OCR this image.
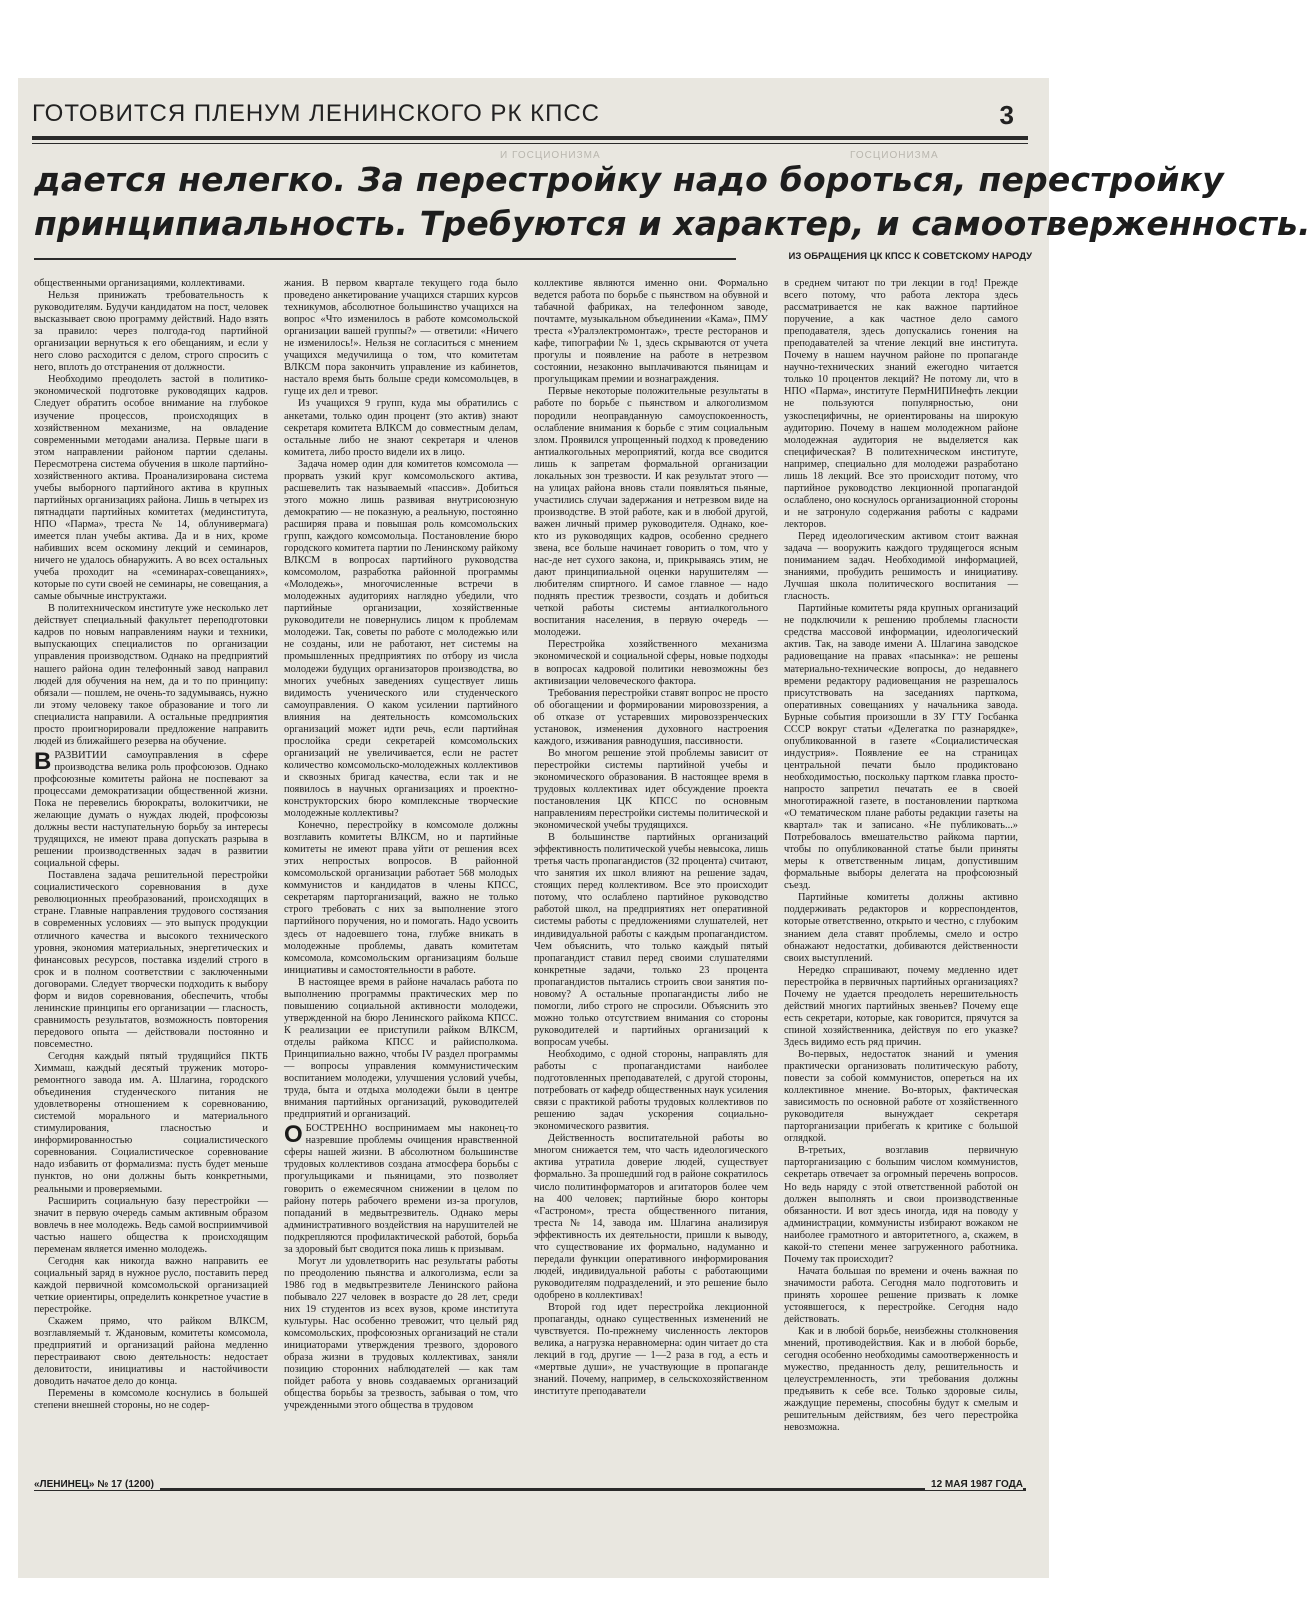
ГОТОВИТСЯ ПЛЕНУМ ЛЕНИНСКОГО РК КПСС	3
И ГОСЦИОНИЗМА	ГОСЦИОНИЗМА
дается нелегко. За перестройку надо бороться, перестройку
принципиальность. Требуются и характер, и самоотверженность.
ИЗ ОБРАЩЕНИЯ ЦК КПСС К СОВЕТСКОМУ НАРОДУ

общественными организациями, коллективами.

Нельзя принижать требовательность к руководителям. Будучи кандидатом на пост, человек высказывает свою программу действий. Надо взять за правило: через полгода-год партийной организации вернуться к его обещаниям, и если у него слово расходится с делом, строго спросить с него, вплоть до отстранения от должности.

Необходимо преодолеть застой в политико-экономической подготовке руководящих кадров. Следует обратить особое внимание на глубокое изучение процессов, происходящих в хозяйственном механизме, на овладение современными методами анализа. Первые шаги в этом направлении районом партии сделаны. Пересмотрена система обучения в школе партийно-хозяйственного актива. Проанализирована система учебы выборного партийного актива в крупных партийных организациях района. Лишь в четырех из пятнадцати партийных комитетах (мединститута, НПО «Парма», треста № 14, облунивермага) имеется план учебы актива. Да и в них, кроме набивших всем оскомину лекций и семинаров, ничего не удалось обнаружить. А во всех остальных учеба проходит на «семинарах-совещаниях», которые по сути своей не семинары, не совещания, а самые обычные инструктажи.

В политехническом институте уже несколько лет действует специальный факультет переподготовки кадров по новым направлениям науки и техники, выпускающих специалистов по организации управления производством. Однако на предприятий нашего района один телефонный завод направил людей для обучения на нем, да и то по принципу: обязали — пошлем, не очень-то задумываясь, нужно ли этому человеку такое образование и того ли специалиста направили. А остальные предприятия просто проигнорировали предложение направить людей из ближайшего резерва на обучение.

ВРАЗВИТИИ самоуправления в сфере производства велика роль профсоюзов. Однако профсоюзные комитеты района не поспевают за процессами демократизации общественной жизни. Пока не перевелись бюрократы, волокитчики, не желающие думать о нуждах людей, профсоюзы должны вести наступательную борьбу за интересы трудящихся, не имеют права допускать разрыва в решении производственных задач в развитии социальной сферы.

Поставлена задача решительной перестройки социалистического соревнования в духе революционных преобразований, происходящих в стране. Главные направления трудового состязания в современных условиях — это выпуск продукции отличного качества и высокого технического уровня, экономия материальных, энергетических и финансовых ресурсов, поставка изделий строго в срок и в полном соответствии с заключенными договорами. Следует творчески подходить к выбору форм и видов соревнования, обеспечить, чтобы ленинские принципы его организации — гласность, сравнимость результатов, возможность повторения передового опыта — действовали постоянно и повсеместно.

Сегодня каждый пятый трудящийся ПКТБ Химмаш, каждый десятый труженик моторо-ремонтного завода им. А. Шлагина, городского объединения студенческого питания не удовлетворены отношением к соревнованию, системой морального и материального стимулирования, гласностью и информированностью социалистического соревнования. Социалистическое соревнование надо избавить от формализма: пусть будет меньше пунктов, но они должны быть конкретными, реальными и проверяемыми.

Расширить социальную базу перестройки — значит в первую очередь самым активным образом вовлечь в нее молодежь. Ведь самой восприимчивой частью нашего общества к происходящим переменам является именно молодежь.

Сегодня как никогда важно направить ее социальный заряд в нужное русло, поставить перед каждой первичной комсомольской организацией четкие ориентиры, определить конкретное участие в перестройке.

Скажем прямо, что райком ВЛКСМ, возглавляемый т. Ждановым, комитеты комсомола, предприятий и организаций района медленно перестраивают свою деятельность: недостает деловитости, инициативы и настойчивости доводить начатое дело до конца.

Перемены в комсомоле коснулись в большей степени внешней стороны, но не содер-

жания. В первом квартале текущего года было проведено анкетирование учащихся старших курсов техникумов, абсолютное большинство учащихся на вопрос «Что изменилось в работе комсомольской организации вашей группы?» — ответили: «Ничего не изменилось!». Нельзя не согласиться с мнением учащихся медучилища о том, что комитетам ВЛКСМ пора закончить управление из кабинетов, настало время быть больше среди комсомольцев, в гуще их дел и тревог.

Из учащихся 9 групп, куда мы обратились с анкетами, только один процент (это актив) знают секретаря комитета ВЛКСМ до совместным делам, остальные либо не знают секретаря и членов комитета, либо просто видели их в лицо.

Задача номер один для комитетов комсомола — прорвать узкий круг комсомольского актива, расшевелить так называемый «пассив». Добиться этого можно лишь развивая внутрисоюзную демократию — не показную, а реальную, постоянно расширяя права и повышая роль комсомольских групп, каждого комсомольца. Постановление бюро городского комитета партии по Ленинскому райкому ВЛКСМ в вопросах партийного руководства комсомолом, разработка районной программы «Молодежь», многочисленные встречи в молодежных аудиториях наглядно убедили, что партийные организации, хозяйственные руководители не повернулись лицом к проблемам молодежи. Так, советы по работе с молодежью или не созданы, или не работают, нет системы на промышленных предприятиях по отбору из числа молодежи будущих организаторов производства, во многих учебных заведениях существует лишь видимость ученического или студенческого самоуправления. О каком усилении партийного влияния на деятельность комсомольских организаций может идти речь, если партийная прослойка среди секретарей комсомольских организаций не увеличивается, если не растет количество комсомольско-молодежных коллективов и сквозных бригад качества, если так и не появилось в научных организациях и проектно-конструкторских бюро комплексные творческие молодежные коллективы?

Конечно, перестройку в комсомоле должны возглавить комитеты ВЛКСМ, но и партийные комитеты не имеют права уйти от решения всех этих непростых вопросов. В районной комсомольской организации работает 568 молодых коммунистов и кандидатов в члены КПСС, секретарям парторганизаций, важно не только строго требовать с них за выполнение этого партийного поручения, но и помогать. Надо усвоить здесь от надоевшего тона, глубже вникать в молодежные проблемы, давать комитетам комсомола, комсомольским организациям больше инициативы и самостоятельности в работе.

В настоящее время в районе началась работа по выполнению программы практических мер по повышению социальной активности молодежи, утвержденной на бюро Ленинского райкома КПСС. К реализации ее приступили райком ВЛКСМ, отделы райкома КПСС и райисполкома. Принципиально важно, чтобы IV раздел программы — вопросы управления коммунистическим воспитанием молодежи, улучшения условий учебы, труда, быта и отдыха молодежи были в центре внимания партийных организаций, руководителей предприятий и организаций.

ОБОСТРЕННО воспринимаем мы наконец-то назревшие проблемы очищения нравственной сферы нашей жизни. В абсолютном большинстве трудовых коллективов создана атмосфера борьбы с прогульщиками и пьяницами, это позволяет говорить о ежемесячном снижении в целом по району потерь рабочего времени из-за прогулов, попаданий в медвытрезвитель. Однако меры административного воздействия на нарушителей не подкрепляются профилактической работой, борьба за здоровый быт сводится пока лишь к призывам.

Могут ли удовлетворить нас результаты работы по преодолению пьянства и алкоголизма, если за 1986 год в медвытрезвителе Ленинского района побывало 227 человек в возрасте до 28 лет, среди них 19 студентов из всех вузов, кроме института культуры. Нас особенно тревожит, что целый ряд комсомольских, профсоюзных организаций не стали инициаторами утверждения трезвого, здорового образа жизни в трудовых коллективах, заняли позицию сторонних наблюдателей — как там пойдет работа у вновь создаваемых организаций общества борьбы за трезвость, забывая о том, что учрежденными этого общества в трудовом

коллективе являются именно они. Формально ведется работа по борьбе с пьянством на обувной и табачной фабриках, на телефонном заводе, почтамте, музыкальном объединении «Кама», ПМУ треста «Уралэлектромонтаж», тресте ресторанов и кафе, типографии № 1, здесь скрываются от учета прогулы и появление на работе в нетрезвом состоянии, незаконно выплачиваются пьяницам и прогульщикам премии и вознаграждения.

Первые некоторые положительные результаты в работе по борьбе с пьянством и алкоголизмом породили неоправданную самоуспокоенность, ослабление внимания к борьбе с этим социальным злом. Проявился упрощенный подход к проведению антиалкогольных мероприятий, когда все сводится лишь к запретам формальной организации локальных зон трезвости. И как результат этого — на улицах района вновь стали появляться пьяные, участились случаи задержания и нетрезвом виде на производстве. В этой работе, как и в любой другой, важен личный пример руководителя. Однако, кое-кто из руководящих кадров, особенно среднего звена, все больше начинает говорить о том, что у нас-де нет сухого закона, и, прикрываясь этим, не дают принципиальной оценки нарушителям — любителям спиртного. И самое главное — надо поднять престиж трезвости, создать и добиться четкой работы системы антиалкогольного воспитания населения, в первую очередь — молодежи.

Перестройка хозяйственного механизма экономической и социальной сферы, новые подходы в вопросах кадровой политики невозможны без активизации человеческого фактора.

Требования перестройки ставят вопрос не просто об обогащении и формировании мировоззрения, а об отказе от устаревших мировоззренческих установок, изменения духовного настроения каждого, изживания равнодушия, пассивности.

Во многом решение этой проблемы зависит от перестройки системы партийной учебы и экономического образования. В настоящее время в трудовых коллективах идет обсуждение проекта постановления ЦК КПСС по основным направлениям перестройки системы политической и экономической учебы трудящихся.

В большинстве партийных организаций эффективность политической учебы невысока, лишь третья часть пропагандистов (32 процента) считают, что занятия их школ влияют на решение задач, стоящих перед коллективом. Все это происходит потому, что ослаблено партийное руководство работой школ, на предприятиях нет оперативной системы работы с предложениями слушателей, нет индивидуальной работы с каждым пропагандистом. Чем объяснить, что только каждый пятый пропагандист ставил перед своими слушателями конкретные задачи, только 23 процента пропагандистов пытались строить свои занятия по-новому? А остальные пропагандисты либо не помогли, либо строго не спросили. Объяснить это можно только отсутствием внимания со стороны руководителей и партийных организаций к вопросам учебы.

Необходимо, с одной стороны, направлять для работы с пропагандистами наиболее подготовленных преподавателей, с другой стороны, потребовать от кафедр общественных наук усиления связи с практикой работы трудовых коллективов по решению задач ускорения социально-экономического развития.

Действенность воспитательной работы во многом снижается тем, что часть идеологического актива утратила доверие людей, существует формально. За прошедший год в районе сократилось число политинформаторов и агитаторов более чем на 400 человек; партийные бюро конторы «Гастроном», треста общественного питания, треста № 14, завода им. Шлагина анализируя эффективность их деятельности, пришли к выводу, что существование их формально, надуманно и передали функции оперативного информирования людей, индивидуальной работы с работающими руководителям подразделений, и это решение было одобрено в коллективах!

Второй год идет перестройка лекционной пропаганды, однако существенных изменений не чувствуется. По-прежнему численность лекторов велика, а нагрузка неравномерна: один читает до ста лекций в год, другие — 1—2 раза в год, а есть и «мертвые души», не участвующие в пропаганде знаний. Почему, например, в сельскохозяйственном институте преподаватели

в среднем читают по три лекции в год! Прежде всего потому, что работа лектора здесь рассматривается не как важное партийное поручение, а как частное дело самого преподавателя, здесь допускались гонения на преподавателей за чтение лекций вне института. Почему в нашем научном районе по пропаганде научно-технических знаний ежегодно читается только 10 процентов лекций? Не потому ли, что в НПО «Парма», институте ПермНИПИнефть лекции не пользуются популярностью, они узкоспецифичны, не ориентированы на широкую аудиторию. Почему в нашем молодежном районе молодежная аудитория не выделяется как специфическая? В политехническом институте, например, специально для молодежи разработано лишь 18 лекций. Все это происходит потому, что партийное руководство лекционной пропагандой ослаблено, оно коснулось организационной стороны и не затронуло содержания работы с кадрами лекторов.

Перед идеологическим активом стоит важная задача — вооружить каждого трудящегося ясным пониманием задач. Необходимой информацией, знаниями, пробудить решимость и инициативу. Лучшая школа политического воспитания — гласность.

Партийные комитеты ряда крупных организаций не подключили к решению проблемы гласности средства массовой информации, идеологический актив. Так, на заводе имени А. Шлагина заводское радиовещание на правах «пасынка»: не решены материально-технические вопросы, до недавнего времени редактору радиовещания не разрешалось присутствовать на заседаниях парткома, оперативных совещаниях у начальника завода. Бурные события произошли в ЗУ ГТУ Госбанка СССР вокруг статьи «Делегатка по разнарядке», опубликованной в газете «Социалистическая индустрия». Появление ее на страницах центральной печати было продиктовано необходимостью, поскольку партком главка просто-напросто запретил печатать ее в своей многотиражной газете, в постановлении парткома «О тематическом плане работы редакции газеты на квартал» так и записано. «Не публиковать...» Потребовалось вмешательство райкома партии, чтобы по опубликованной статье были приняты меры к ответственным лицам, допустившим формальные выборы делегата на профсоюзный съезд.

Партийные комитеты должны активно поддерживать редакторов и корреспондентов, которые ответственно, открыто и честно, с глубоким знанием дела ставят проблемы, смело и остро обнажают недостатки, добиваются действенности своих выступлений.

Нередко спрашивают, почему медленно идет перестройка в первичных партийных организациях? Почему не удается преодолеть нерешительность действий многих партийных звеньев? Почему еще есть секретари, которые, как говорится, прячутся за спиной хозяйственника, действуя по его указке? Здесь видимо есть ряд причин.

Во-первых, недостаток знаний и умения практически организовать политическую работу, повести за собой коммунистов, опереться на их коллективное мнение. Во-вторых, фактическая зависимость по основной работе от хозяйственного руководителя вынуждает секретаря парторганизации прибегать к критике с большой оглядкой.

В-третьих, возглавив первичную парторганизацию с большим числом коммунистов, секретарь отвечает за огромный перечень вопросов. Но ведь наряду с этой ответственной работой он должен выполнять и свои производственные обязанности. И вот здесь иногда, идя на поводу у администрации, коммунисты избирают вожаком не наиболее грамотного и авторитетного, а, скажем, в какой-то степени менее загруженного работника. Почему так происходит?

Начата большая по времени и очень важная по значимости работа. Сегодня мало подготовить и принять хорошее решение призвать к ломке устоявшегося, к перестройке. Сегодня надо действовать.

Как и в любой борьбе, неизбежны столкновения мнений, противодействия. Как и в любой борьбе, сегодня особенно необходимы самоотверженность и мужество, преданность делу, решительность и целеустремленность, эти требования должны предъявить к себе все. Только здоровые силы, жаждущие перемены, способны будут к смелым и решительным действиям, без чего перестройка невозможна.

«ЛЕНИНЕЦ» № 17 (1200)	12 МАЯ 1987 ГОДА
